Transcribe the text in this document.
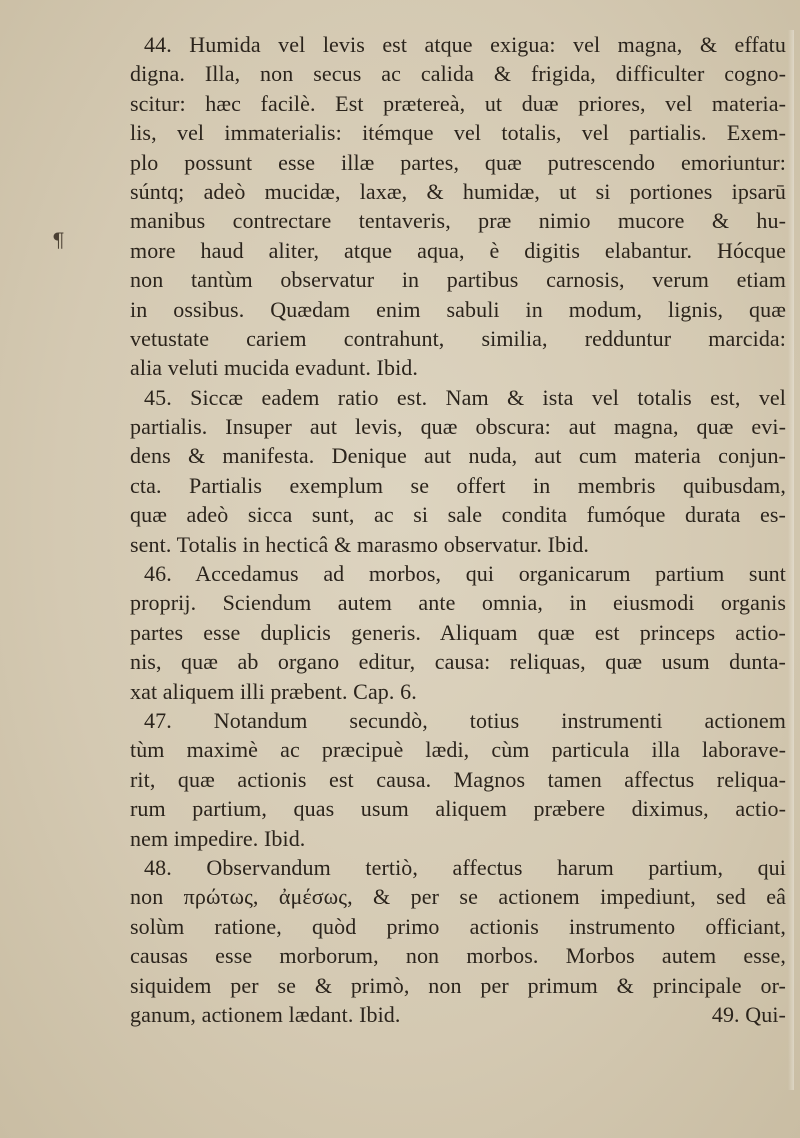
¶
44. Humida vel levis est atque exigua: vel magna, & effatu
digna. Illa, non secus ac calida & frigida, difficulter cogno-
scitur: hæc facilè. Est prætereà, ut duæ priores, vel materia-
lis, vel immaterialis: itémque vel totalis, vel partialis. Exem-
plo possunt esse illæ partes, quæ putrescendo emoriuntur:
súntq; adeò mucidæ, laxæ, & humidæ, ut si portiones ipsarū
manibus contrectare tentaveris, præ nimio mucore & hu-
more haud aliter, atque aqua, è digitis elabantur. Hócque
non tantùm observatur in partibus carnosis, verum etiam
in ossibus. Quædam enim sabuli in modum, lignis, quæ
vetustate cariem contrahunt, similia, redduntur marcida:
alia veluti mucida evadunt. Ibid.
45. Siccæ eadem ratio est. Nam & ista vel totalis est, vel
partialis. Insuper aut levis, quæ obscura: aut magna, quæ evi-
dens & manifesta. Denique aut nuda, aut cum materia conjun-
cta. Partialis exemplum se offert in membris quibusdam,
quæ adeò sicca sunt, ac si sale condita fumóque durata es-
sent. Totalis in hecticâ & marasmo observatur. Ibid.
46. Accedamus ad morbos, qui organicarum partium sunt
proprij. Sciendum autem ante omnia, in eiusmodi organis
partes esse duplicis generis. Aliquam quæ est princeps actio-
nis, quæ ab organo editur, causa: reliquas, quæ usum dunta-
xat aliquem illi præbent. Cap. 6.
47. Notandum secundò, totius instrumenti actionem
tùm maximè ac præcipuè lædi, cùm particula illa laborave-
rit, quæ actionis est causa. Magnos tamen affectus reliqua-
rum partium, quas usum aliquem præbere diximus, actio-
nem impedire. Ibid.
48. Observandum tertiò, affectus harum partium, qui
non πρώτως, ἀμέσως, & per se actionem impediunt, sed eâ
solùm ratione, quòd primo actionis instrumento officiant,
causas esse morborum, non morbos. Morbos autem esse,
siquidem per se & primò, non per primum & principale or-
ganum, actionem lædant. Ibid.	49. Qui-
